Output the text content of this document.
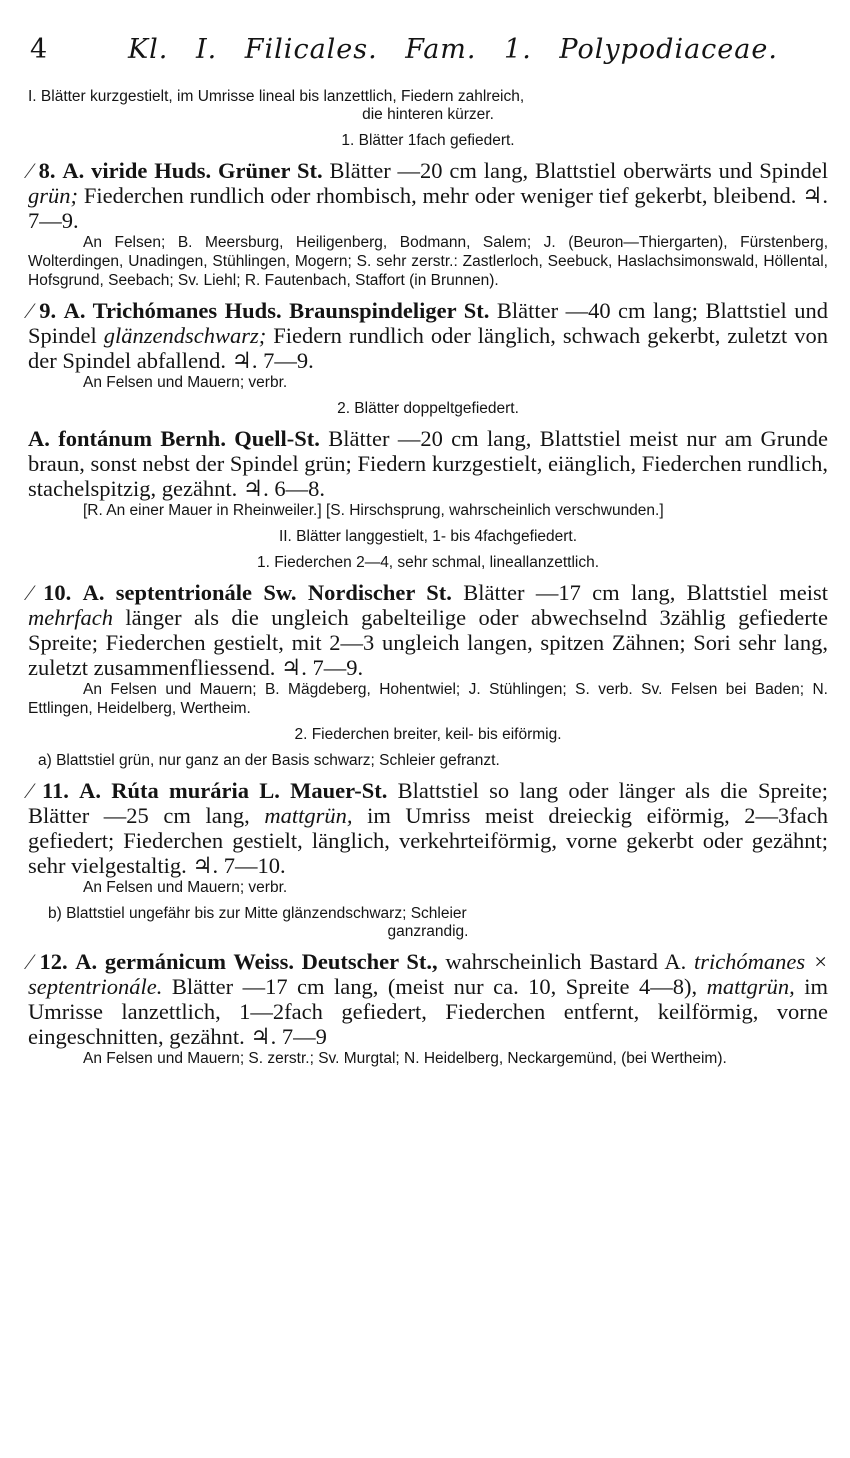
4	Kl. I. Filicales. Fam. 1. Polypodiaceae.

I. Blätter kurzgestielt, im Umrisse lineal bis lanzettlich, Fiedern zahlreich,

die hinteren kürzer.

1. Blätter 1fach gefiedert.

⁄ 8. A. viride Huds. Grüner St. Blätter —20 cm lang, Blattstiel oberwärts und Spindel grün; Fiederchen rundlich oder rhombisch, mehr oder weniger tief gekerbt, bleibend. ♃. 7—9.

An Felsen; B. Meersburg, Heiligenberg, Bodmann, Salem; J. (Beuron—Thiergarten), Fürstenberg, Wolterdingen, Unadingen, Stühlingen, Mogern; S. sehr zerstr.: Zastlerloch, Seebuck, Haslachsimonswald, Höllental, Hofsgrund, Seebach; Sv. Liehl; R. Fautenbach, Staffort (in Brunnen).

⁄ 9. A. Trichómanes Huds. Braunspindeliger St. Blätter —40 cm lang; Blattstiel und Spindel glänzendschwarz; Fiedern rundlich oder länglich, schwach gekerbt, zuletzt von der Spindel abfallend. ♃. 7—9.

An Felsen und Mauern; verbr.

2. Blätter doppeltgefiedert.

A. fontánum Bernh. Quell-St. Blätter —20 cm lang, Blattstiel meist nur am Grunde braun, sonst nebst der Spindel grün; Fiedern kurzgestielt, eiänglich, Fiederchen rundlich, stachelspitzig, gezähnt. ♃. 6—8.

[R. An einer Mauer in Rheinweiler.] [S. Hirschsprung, wahrscheinlich verschwunden.]

II. Blätter langgestielt, 1- bis 4fachgefiedert.

1. Fiederchen 2—4, sehr schmal, lineallanzettlich.

⁄ 10. A. septentrionále Sw. Nordischer St. Blätter —17 cm lang, Blattstiel meist mehrfach länger als die ungleich gabelteilige oder abwechselnd 3zählig gefiederte Spreite; Fiederchen gestielt, mit 2—3 ungleich langen, spitzen Zähnen; Sori sehr lang, zuletzt zusammenfliessend. ♃. 7—9.

An Felsen und Mauern; B. Mägdeberg, Hohentwiel; J. Stühlingen; S. verb. Sv. Felsen bei Baden; N. Ettlingen, Heidelberg, Wertheim.

2. Fiederchen breiter, keil- bis eiförmig.

a) Blattstiel grün, nur ganz an der Basis schwarz; Schleier gefranzt.

⁄ 11. A. Rúta murária L. Mauer-St. Blattstiel so lang oder länger als die Spreite; Blätter —25 cm lang, mattgrün, im Umriss meist dreieckig eiförmig, 2—3fach gefiedert; Fiederchen gestielt, länglich, verkehrteiförmig, vorne gekerbt oder gezähnt; sehr vielgestaltig. ♃. 7—10.

An Felsen und Mauern; verbr.

b) Blattstiel ungefähr bis zur Mitte glänzendschwarz; Schleier

ganzrandig.

⁄ 12. A. germánicum Weiss. Deutscher St., wahrscheinlich Bastard A. trichómanes × septentrionále. Blätter —17 cm lang, (meist nur ca. 10, Spreite 4—8), mattgrün, im Umrisse lanzettlich, 1—2fach gefiedert, Fiederchen entfernt, keilförmig, vorne eingeschnitten, gezähnt. ♃. 7—9

An Felsen und Mauern; S. zerstr.; Sv. Murgtal; N. Heidelberg, Neckargemünd, (bei Wertheim).
